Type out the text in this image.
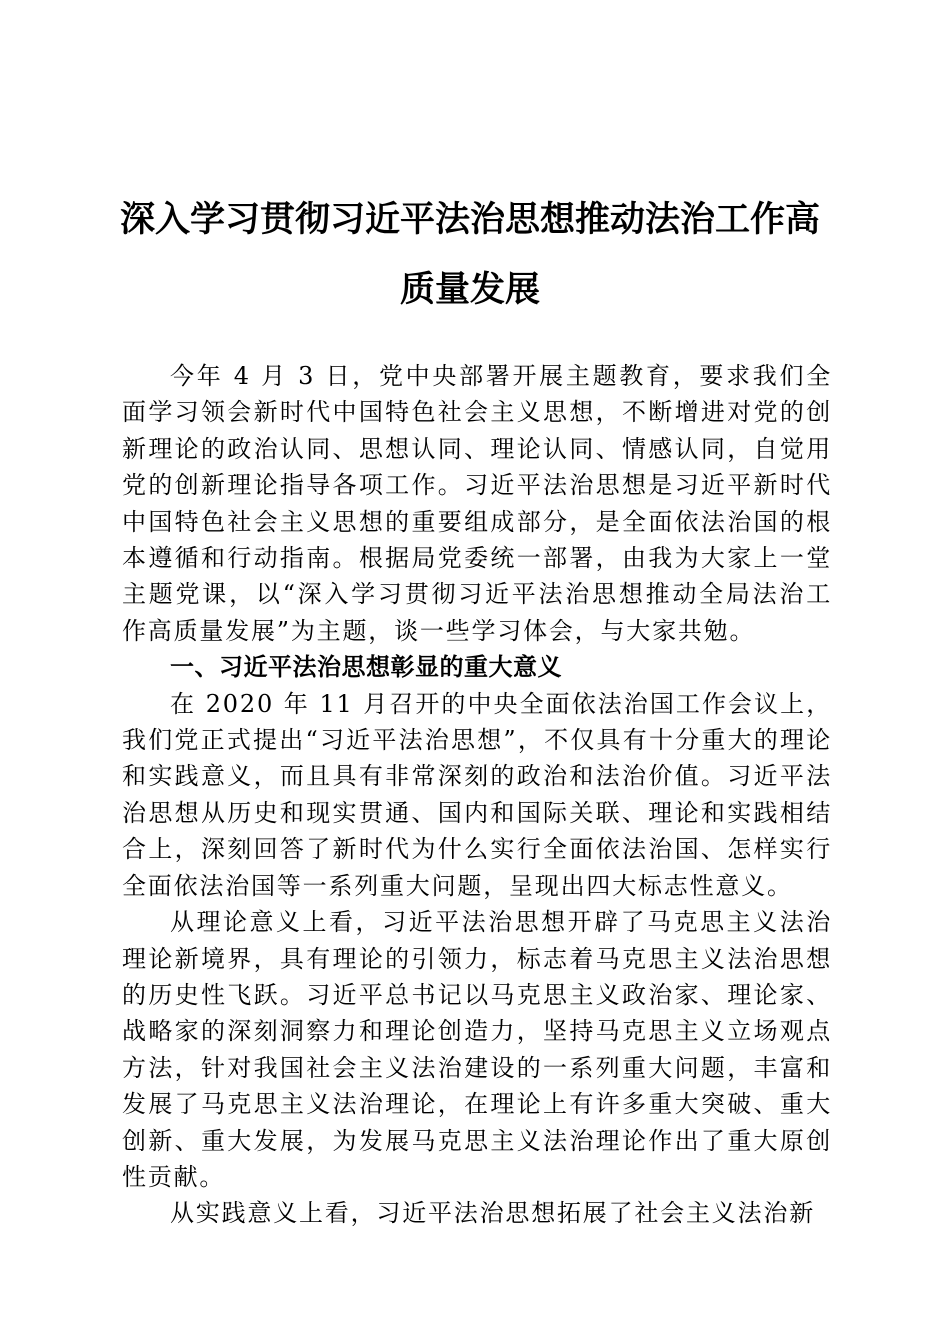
深入学习贯彻习近平法治思想推动法治工作高
质量发展

今年 4 月 3 日，党中央部署开展主题教育，要求我们全面学习领会新时代中国特色社会主义思想，不断增进对党的创新理论的政治认同、思想认同、理论认同、情感认同，自觉用党的创新理论指导各项工作。习近平法治思想是习近平新时代中国特色社会主义思想的重要组成部分，是全面依法治国的根本遵循和行动指南。根据局党委统一部署，由我为大家上一堂主题党课，以“深入学习贯彻习近平法治思想推动全局法治工作高质量发展”为主题，谈一些学习体会，与大家共勉。

一、习近平法治思想彰显的重大意义

在 2020 年 11 月召开的中央全面依法治国工作会议上，我们党正式提出“习近平法治思想”，不仅具有十分重大的理论和实践意义，而且具有非常深刻的政治和法治价值。习近平法治思想从历史和现实贯通、国内和国际关联、理论和实践相结合上，深刻回答了新时代为什么实行全面依法治国、怎样实行全面依法治国等一系列重大问题，呈现出四大标志性意义。

从理论意义上看，习近平法治思想开辟了马克思主义法治理论新境界，具有理论的引领力，标志着马克思主义法治思想的历史性飞跃。习近平总书记以马克思主义政治家、理论家、战略家的深刻洞察力和理论创造力，坚持马克思主义立场观点方法，针对我国社会主义法治建设的一系列重大问题，丰富和发展了马克思主义法治理论，在理论上有许多重大突破、重大创新、重大发展，为发展马克思主义法治理论作出了重大原创性贡献。

从实践意义上看，习近平法治思想拓展了社会主义法治新
